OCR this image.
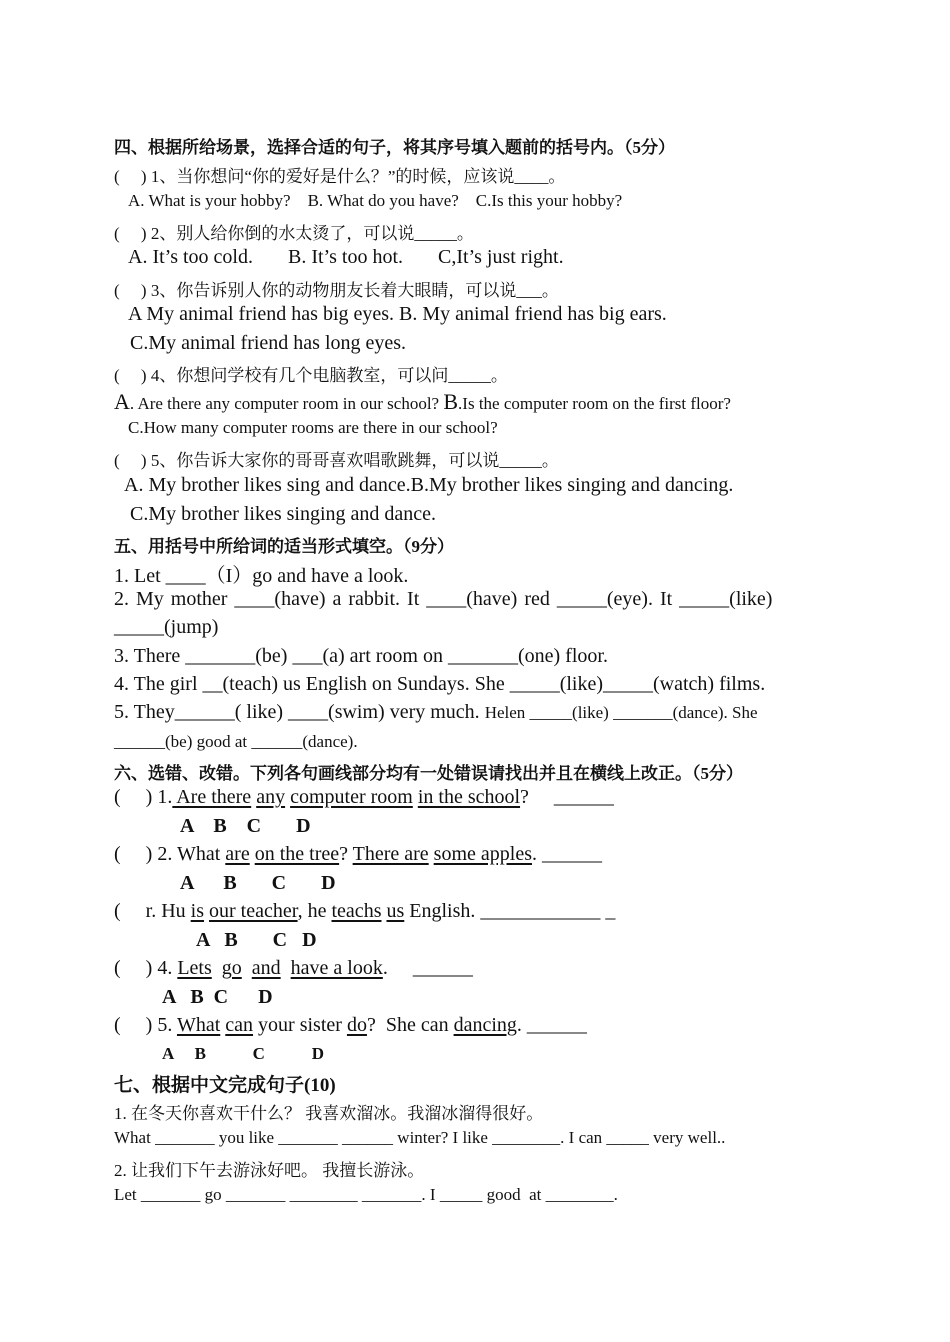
四、根据所给场景，选择合适的句子，将其序号填入题前的括号内。（5分）
(     ) 1、当你想问“你的爱好是什么？”的时候，应该说____。
A. What is your hobby?    B. What do you have?    C.Is this your hobby?
(     ) 2、别人给你倒的水太烫了，可以说_____。
A. It’s too cold.       B. It’s too hot.       C,It’s just right.
(     ) 3、你告诉别人你的动物朋友长着大眼睛，可以说___。
A My animal friend has big eyes. B. My animal friend has big ears.
C.My animal friend has long eyes.
(     ) 4、你想问学校有几个电脑教室，可以问_____。
A. Are there any computer room in our school? B.Is the computer room on the first floor?
C.How many computer rooms are there in our school?
(     ) 5、你告诉大家你的哥哥喜欢唱歌跳舞，可以说_____。
A. My brother likes sing and dance.B.My brother likes singing and dancing.
C.My brother likes singing and dance.
五、用括号中所给词的适当形式填空。（9分）
1. Let ____（I）go and have a look.
2. My mother ____(have) a rabbit. It ____(have) red _____(eye). It _____(like)
_____(jump)
3. There _______(be) ___(a) art room on _______(one) floor.
4. The girl __(teach) us English on Sundays. She _____(like)_____(watch) films.
5. They______( like) ____(swim) very much. Helen _____(like) _______(dance). She
______(be) good at ______(dance).
六、选错、改错。下列各句画线部分均有一处错误请找出并且在横线上改正。（5分）
(     ) 1. Are there any computer room in the school?     ______
A    B    C       D
(     ) 2. What are on the tree? There are some apples. ______
A      B       C       D
(     r. Hu is our teacher, he teachs us English. ____________ _
A   B       C   D
(     ) 4. Lets go and have a look.     ______
A   B  C      D
(     ) 5. What can your sister do?  She can dancing. ______
A     B           C           D
七、根据中文完成句子(10)
1. 在冬天你喜欢干什么？ 我喜欢溜冰。我溜冰溜得很好。
What _______ you like _______ ______ winter? I like ________. I can _____ very well..
2. 让我们下午去游泳好吧。 我擅长游泳。
Let _______ go _______ ________ _______. I _____ good  at ________.
